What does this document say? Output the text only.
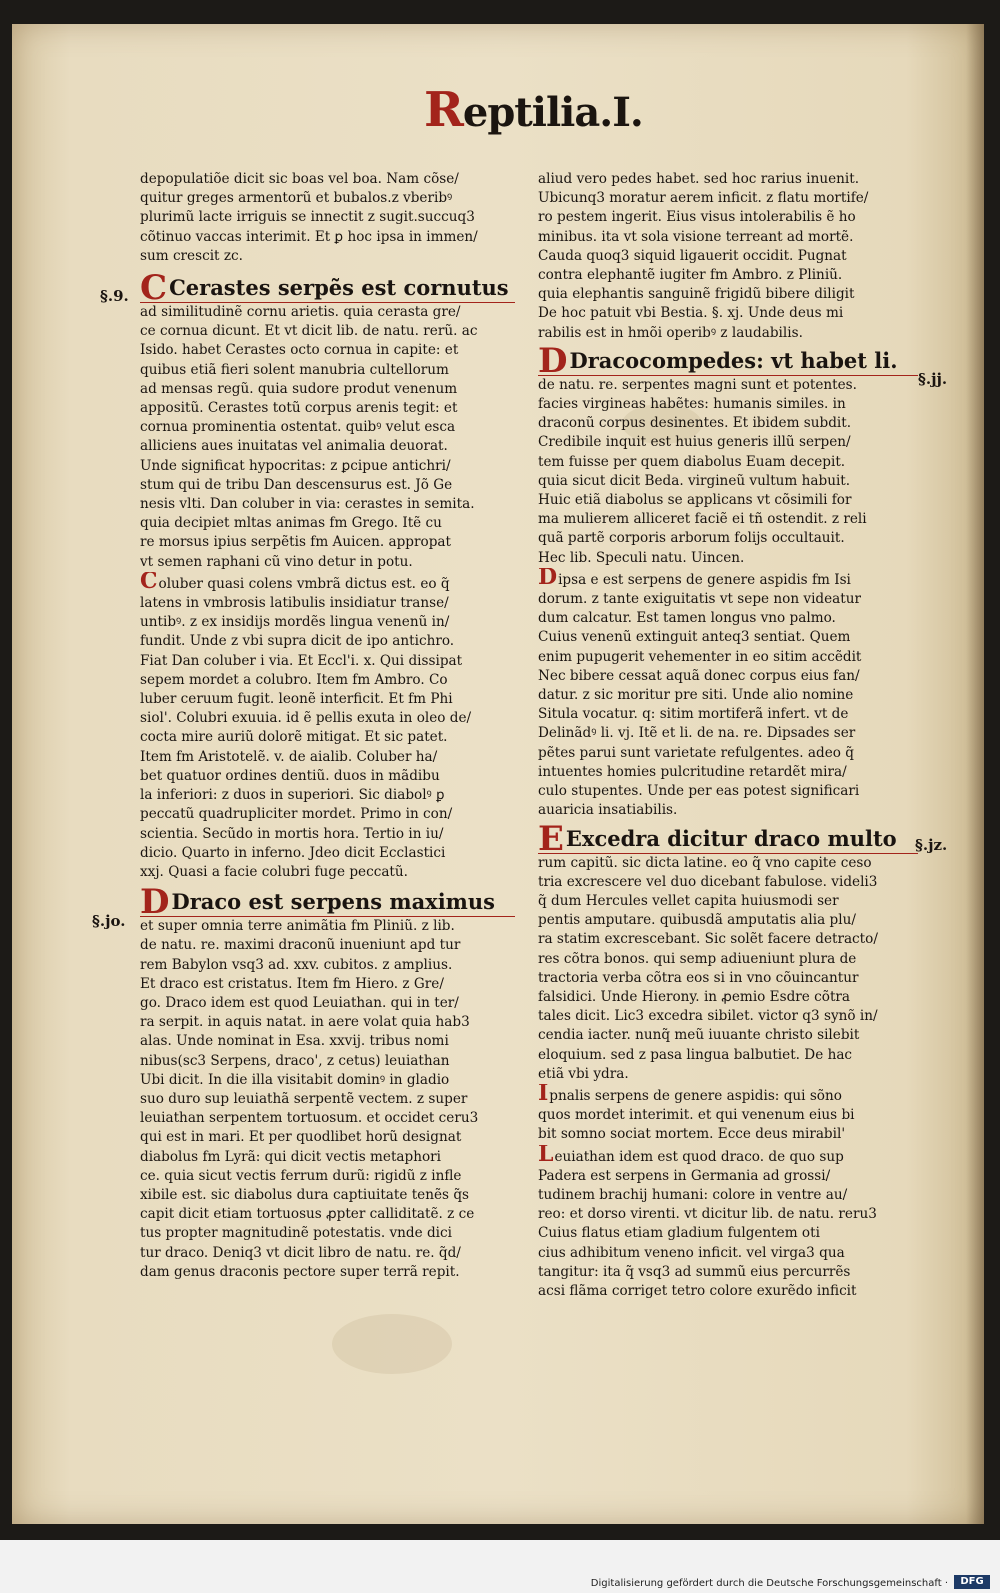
Reptilia.I.
§.9.
§.jo.
§.jj.
§.jz.
depopulatiõe dicit sic boas vel boa. Nam cõse/
quitur greges armentorũ et bubalos.z vberibꝰ
plurimũ lacte irriguis se innectit z sugit.succuq3
cõtinuo vaccas interimit. Et ꝑ hoc ipsa in immen/
sum crescit zc.
CCerastes serpẽs est cornutus
ad similitudinẽ cornu arietis. quia cerasta gre/
ce cornua dicunt. Et vt dicit lib. de natu. rerũ. ac
Isido. habet Cerastes octo cornua in capite: et
quibus etiã fieri solent manubria cultellorum
ad mensas regũ. quia sudore produt venenum
appositũ. Cerastes totũ corpus arenis tegit: et
cornua prominentia ostentat. quibꝰ velut esca
alliciens aues inuitatas vel animalia deuorat.
Unde significat hypocritas: z ꝑcipue antichri/
stum qui de tribu Dan descensurus est. Jõ Ge
nesis vlti. Dan coluber in via: cerastes in semita.
quia decipiet mltas animas fm Grego. Itẽ cu
re morsus ipius serpẽtis fm Auicen. appropat
vt semen raphani cũ vino detur in potu.
Coluber quasi colens vmbrã dictus est. eo q̃
latens in vmbrosis latibulis insidiatur transe/
untibꝰ. z ex insidijs mordẽs lingua venenũ in/
fundit. Unde z vbi supra dicit de ipo antichro.
Fiat Dan coluber i via. Et Eccl'i. x. Qui dissipat
sepem mordet a colubro. Item fm Ambro. Co
luber ceruum fugit. leonẽ interficit. Et fm Phi
siol'. Colubri exuuia. id ẽ pellis exuta in oleo de/
cocta mire auriũ dolorẽ mitigat. Et sic patet.
Item fm Aristotelẽ. v. de aialib. Coluber ha/
bet quatuor ordines dentiũ. duos in mãdibu
la inferiori: z duos in superiori. Sic diabolꝰ ꝑ
peccatũ quadrupliciter mordet. Primo in con/
scientia. Secũdo in mortis hora. Tertio in iu/
dicio. Quarto in inferno. Jdeo dicit Ecclastici
xxj. Quasi a facie colubri fuge peccatũ.
DDraco est serpens maximus
et super omnia terre animãtia fm Pliniũ. z lib.
de natu. re. maximi draconũ inueniunt apd tur
rem Babylon vsq3 ad. xxv. cubitos. z amplius.
Et draco est cristatus. Item fm Hiero. z Gre/
go. Draco idem est quod Leuiathan. qui in ter/
ra serpit. in aquis natat. in aere volat quia hab3
alas. Unde nominat in Esa. xxvij. tribus nomi
nibus(sc3 Serpens, draco', z cetus) leuiathan
Ubi dicit. In die illa visitabit dominꝰ in gladio
suo duro sup leuiathã serpentẽ vectem. z super
leuiathan serpentem tortuosum. et occidet ceru3
qui est in mari. Et per quodlibet horũ designat
diabolus fm Lyrã: qui dicit vectis metaphori
ce. quia sicut vectis ferrum durũ: rigidũ z infle
xibile est. sic diabolus dura captiuitate tenẽs q̃s
capit dicit etiam tortuosus ꝓpter calliditatẽ. z ce
tus propter magnitudinẽ potestatis. vnde dici
tur draco. Deniq3 vt dicit libro de natu. re. q̃d/
dam genus draconis pectore super terrã repit.
aliud vero pedes habet. sed hoc rarius inuenit.
Ubicunq3 moratur aerem inficit. z flatu mortife/
ro pestem ingerit. Eius visus intolerabilis ẽ ho
minibus. ita vt sola visione terreant ad mortẽ.
Cauda quoq3 siquid ligauerit occidit. Pugnat
contra elephantẽ iugiter fm Ambro. z Pliniũ.
quia elephantis sanguinẽ frigidũ bibere diligit
De hoc patuit vbi Bestia. §. xj. Unde deus mi
rabilis est in hmõi operibꝰ z laudabilis.
DDracocompedes: vt habet li.
de natu. re. serpentes magni sunt et potentes.
facies virgineas habẽtes: humanis similes. in
draconũ corpus desinentes. Et ibidem subdit.
Credibile inquit est huius generis illũ serpen/
tem fuisse per quem diabolus Euam decepit.
quia sicut dicit Beda. virgineũ vultum habuit.
Huic etiã diabolus se applicans vt cõsimili for
ma mulierem alliceret faciẽ ei tñ ostendit. z reli
quã partẽ corporis arborum folijs occultauit.
Hec lib. Speculi natu. Uincen.
Dipsa e est serpens de genere aspidis fm Isi
dorum. z tante exiguitatis vt sepe non videatur
dum calcatur. Est tamen longus vno palmo.
Cuius venenũ extinguit anteq3 sentiat. Quem
enim pupugerit vehementer in eo sitim accẽdit
Nec bibere cessat aquã donec corpus eius fan/
datur. z sic moritur pre siti. Unde alio nomine
Situla vocatur. q: sitim mortiferã infert. vt de
Delinãdꝰ li. vj. Itẽ et li. de na. re. Dipsades ser
pẽtes parui sunt varietate refulgentes. adeo q̃
intuentes homies pulcritudine retardẽt mira/
culo stupentes. Unde per eas potest significari
auaricia insatiabilis.
EExcedra dicitur draco multo
rum capitũ. sic dicta latine. eo q̃ vno capite ceso
tria excrescere vel duo dicebant fabulose. videli3
q̃ dum Hercules vellet capita huiusmodi ser
pentis amputare. quibusdã amputatis alia plu/
ra statim excrescebant. Sic solẽt facere detracto/
res cõtra bonos. qui semp adiueniunt plura de
tractoria verba cõtra eos si in vno cõuincantur
falsidici. Unde Hierony. in ꝓemio Esdre cõtra
tales dicit. Lic3 excedra sibilet. victor q3 synõ in/
cendia iacter. nunq̃ meũ iuuante christo silebit
eloquium. sed z pasa lingua balbutiet. De hac
etiã vbi ydra.
Ipnalis serpens de genere aspidis: qui sõno
quos mordet interimit. et qui venenum eius bi
bit somno sociat mortem. Ecce deus mirabil'
Leuiathan idem est quod draco. de quo sup
Padera est serpens in Germania ad grossi/
tudinem brachij humani: colore in ventre au/
reo: et dorso virenti. vt dicitur lib. de natu. reru3
Cuius flatus etiam gladium fulgentem oti
cius adhibitum veneno inficit. vel virga3 qua
tangitur: ita q̃ vsq3 ad summũ eius percurrẽs
acsi flãma corriget tetro colore exurẽdo inficit
Digitalisierung gefördert durch die Deutsche Forschungsgemeinschaft ·	DFG
